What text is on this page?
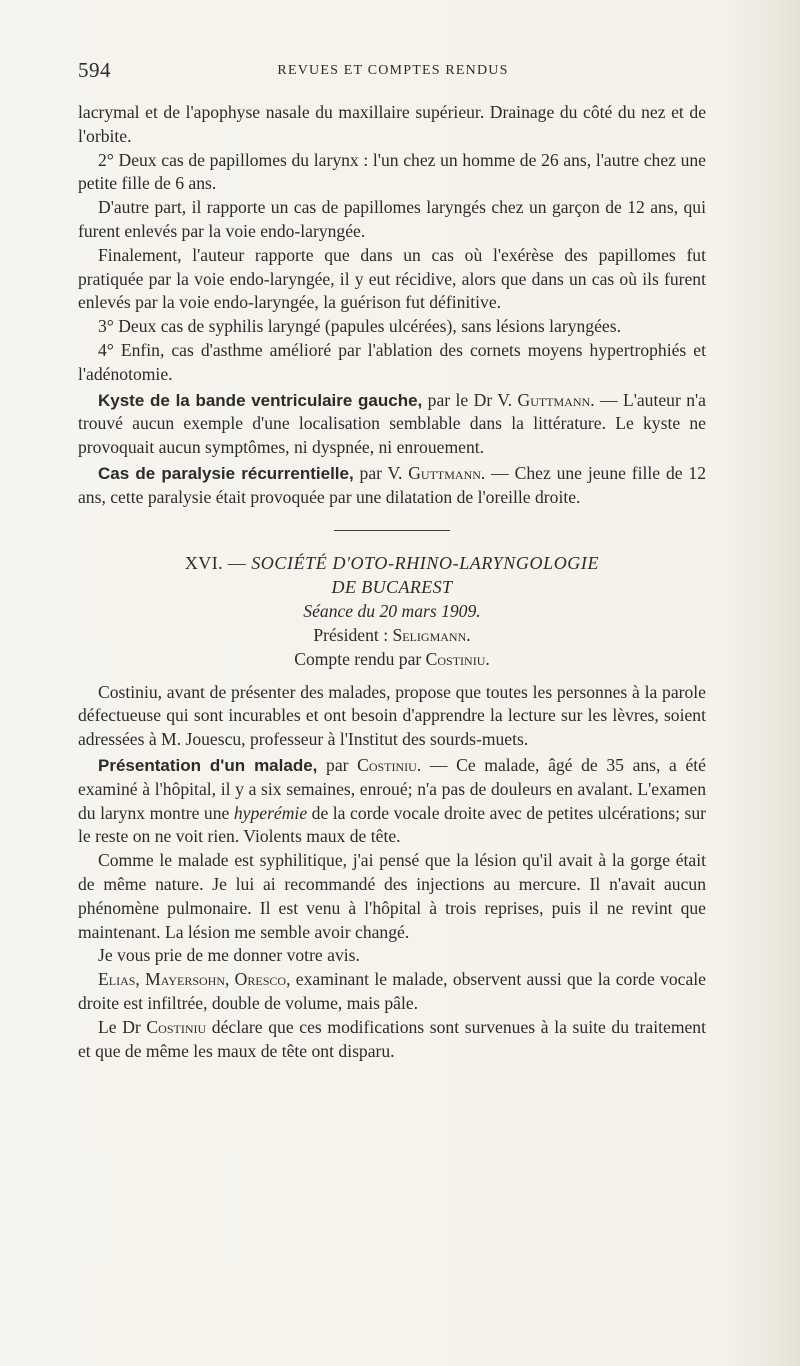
594	REVUES ET COMPTES RENDUS

lacrymal et de l'apophyse nasale du maxillaire supérieur. Drainage du côté du nez et de l'orbite.

2° Deux cas de papillomes du larynx : l'un chez un homme de 26 ans, l'autre chez une petite fille de 6 ans.

D'autre part, il rapporte un cas de papillomes laryngés chez un garçon de 12 ans, qui furent enlevés par la voie endo-laryngée.

Finalement, l'auteur rapporte que dans un cas où l'exérèse des papillomes fut pratiquée par la voie endo-laryngée, il y eut récidive, alors que dans un cas où ils furent enlevés par la voie endo-laryngée, la guérison fut définitive.

3° Deux cas de syphilis laryngé (papules ulcérées), sans lésions laryngées.

4° Enfin, cas d'asthme amélioré par l'ablation des cornets moyens hypertrophiés et l'adénotomie.

Kyste de la bande ventriculaire gauche, par le Dr V. Guttmann. — L'auteur n'a trouvé aucun exemple d'une localisation semblable dans la littérature. Le kyste ne provoquait aucun symptômes, ni dyspnée, ni enrouement.

Cas de paralysie récurrentielle, par V. Guttmann. — Chez une jeune fille de 12 ans, cette paralysie était provoquée par une dilatation de l'oreille droite.

XVI. — SOCIÉTÉ D'OTO-RHINO-LARYNGOLOGIE

DE BUCAREST

Séance du 20 mars 1909.

Président : Seligmann.

Compte rendu par Costiniu.

Costiniu, avant de présenter des malades, propose que toutes les personnes à la parole défectueuse qui sont incurables et ont besoin d'apprendre la lecture sur les lèvres, soient adressées à M. Jouescu, professeur à l'Institut des sourds-muets.

Présentation d'un malade, par Costiniu. — Ce malade, âgé de 35 ans, a été examiné à l'hôpital, il y a six semaines, enroué; n'a pas de douleurs en avalant. L'examen du larynx montre une hyperémie de la corde vocale droite avec de petites ulcérations; sur le reste on ne voit rien. Violents maux de tête.

Comme le malade est syphilitique, j'ai pensé que la lésion qu'il avait à la gorge était de même nature. Je lui ai recommandé des injections au mercure. Il n'avait aucun phénomène pulmonaire. Il est venu à l'hôpital à trois reprises, puis il ne revint que maintenant. La lésion me semble avoir changé.

Je vous prie de me donner votre avis.

Elias, Mayersohn, Oresco, examinant le malade, observent aussi que la corde vocale droite est infiltrée, double de volume, mais pâle.

Le Dr Costiniu déclare que ces modifications sont survenues à la suite du traitement et que de même les maux de tête ont disparu.
